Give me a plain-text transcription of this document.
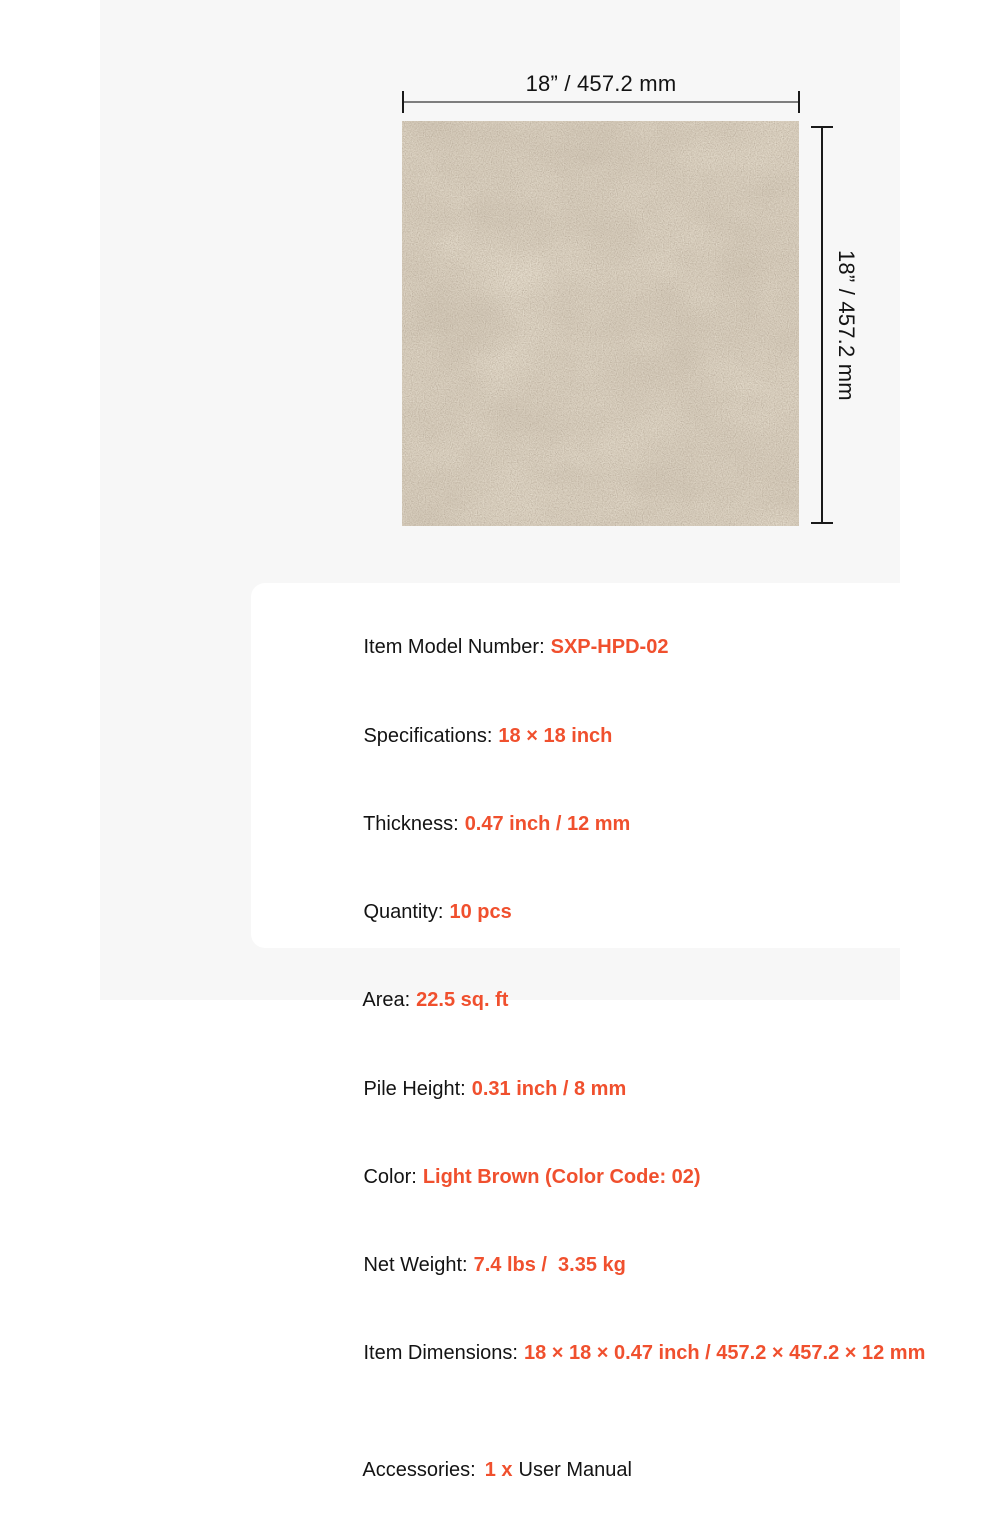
18” / 457.2 mm
18” / 457.2 mm

Item Model Number: SXP-HPD-02

Specifications: 18 × 18 inch

Thickness: 0.47 inch / 12 mm

Quantity: 10 pcs

Area: 22.5 sq. ft

Pile Height: 0.31 inch / 8 mm

Color: Light Brown (Color Code: 02)

Net Weight: 7.4 lbs /  3.35 kg

Item Dimensions: 18 × 18 × 0.47 inch / 457.2 × 457.2 × 12 mm

Accessories: 1 x User Manual
